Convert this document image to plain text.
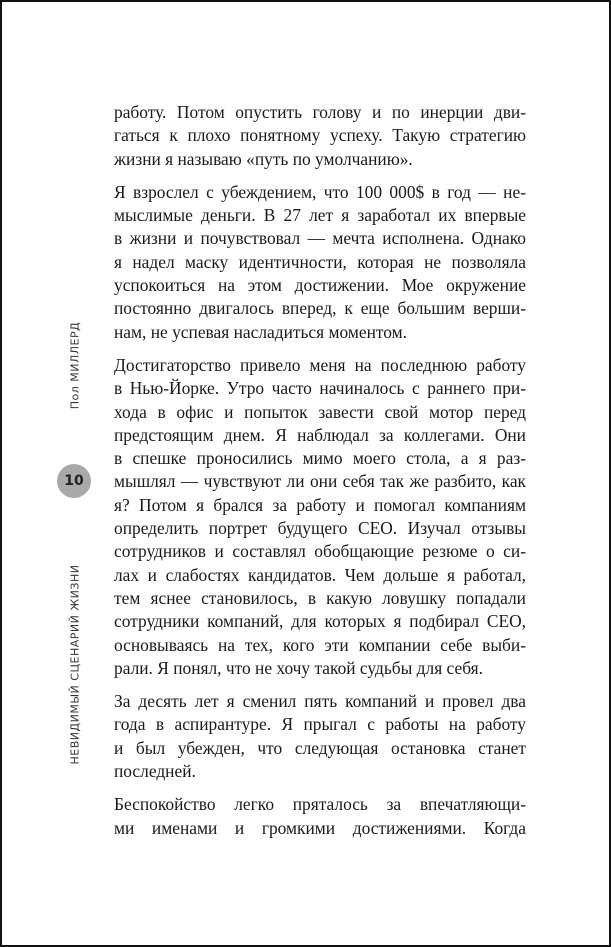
Пол МИЛЛЕРД
10
НЕВИДИМЫЙ СЦЕНАРИЙ ЖИЗНИ
работу. Потом опустить голову и по инерции дви-
гаться к плохо понятному успеху. Такую стратегию
жизни я называю «путь по умолчанию».
Я взрослел с убеждением, что 100 000$ в год — не-
мыслимые деньги. В 27 лет я заработал их впервые
в жизни и почувствовал — мечта исполнена. Однако
я надел маску идентичности, которая не позволяла
успокоиться на этом достижении. Мое окружение
постоянно двигалось вперед, к еще большим верши-
нам, не успевая насладиться моментом.
Достигаторство привело меня на последнюю работу
в Нью-Йорке. Утро часто начиналось с раннего при-
хода в офис и попыток завести свой мотор перед
предстоящим днем. Я наблюдал за коллегами. Они
в спешке проносились мимо моего стола, а я раз-
мышлял — чувствуют ли они себя так же разбито, как
я? Потом я брался за работу и помогал компаниям
определить портрет будущего CEO. Изучал отзывы
сотрудников и составлял обобщающие резюме о си-
лах и слабостях кандидатов. Чем дольше я работал,
тем яснее становилось, в какую ловушку попадали
сотрудники компаний, для которых я подбирал CEO,
основываясь на тех, кого эти компании себе выби-
рали. Я понял, что не хочу такой судьбы для себя.
За десять лет я сменил пять компаний и провел два
года в аспирантуре. Я прыгал с работы на работу
и был убежден, что следующая остановка станет
последней.
Беспокойство легко пряталось за впечатляющи-
ми именами и громкими достижениями. Когда
